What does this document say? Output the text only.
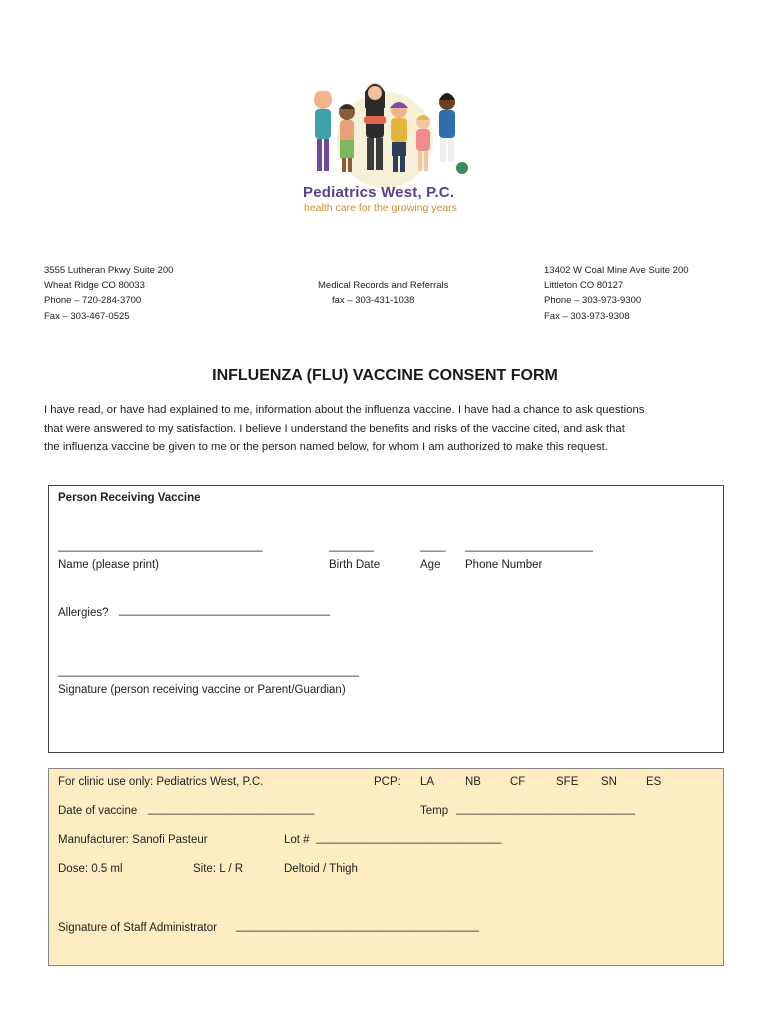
Pediatrics West, P.C.
health care for the growing years
3555 Lutheran Pkwy Suite 200
Wheat Ridge CO 80033
Phone – 720-284-3700
Fax – 303-467-0525
Medical Records and Referrals
fax – 303-431-1038
13402 W Coal Mine Ave Suite 200
Littleton CO 80127
Phone – 303-973-9300
Fax – 303-973-9308
INFLUENZA (FLU) VACCINE CONSENT FORM
I have read, or have had explained to me, information about the influenza vaccine. I have had a chance to ask questions
that were answered to my satisfaction. I believe I understand the benefits and risks of the vaccine cited, and ask that
the influenza vaccine be given to me or the person named below, for whom I am authorized to make this request.
Person Receiving Vaccine
________________________________
Name (please print)
_______
Birth Date
____
Age
____________________
Phone Number
Allergies? _________________________________
_______________________________________________
Signature (person receiving vaccine or Parent/Guardian)
For clinic use only: Pediatrics West, P.C.	PCP: LA	NB	CF	SFE SN	ES
Date of vaccine __________________________	Temp ____________________________
Manufacturer: Sanofi Pasteur	Lot # _____________________________
Dose: 0.5 ml	Site: L / R	Deltoid / Thigh
Signature of Staff Administrator ______________________________________
